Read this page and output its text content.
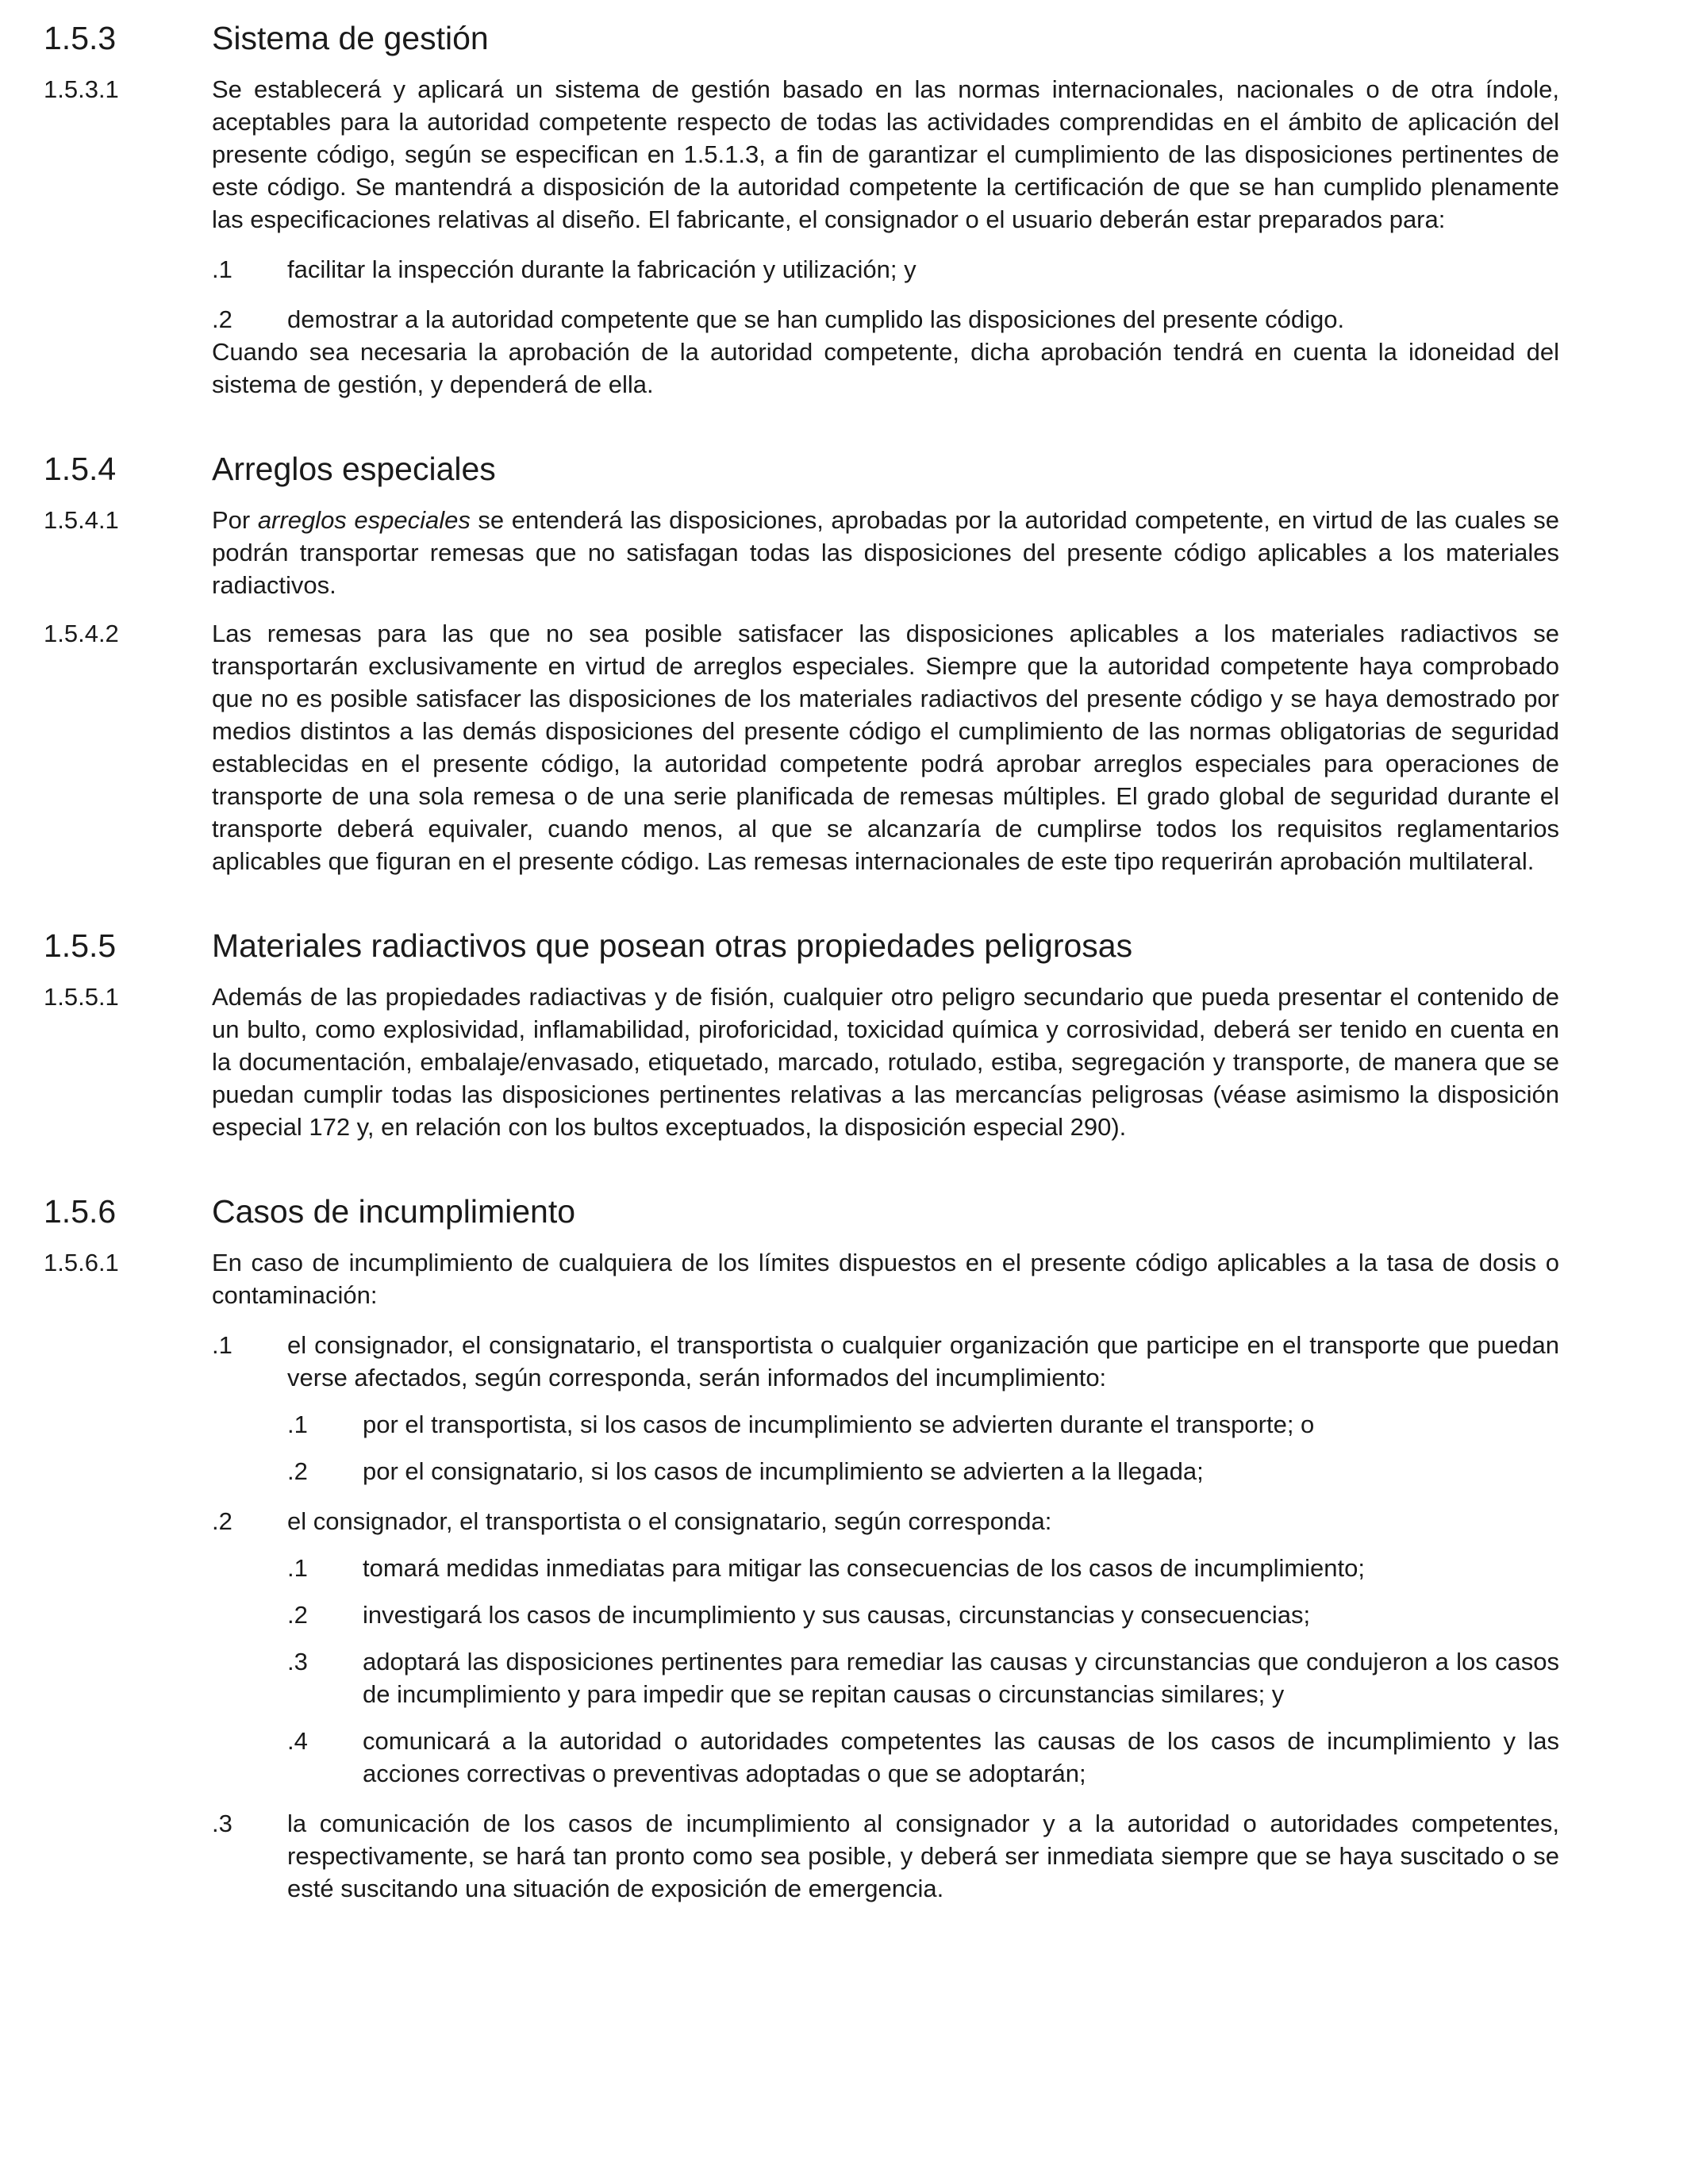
1.5.3	Sistema de gestión
1.5.3.1	Se establecerá y aplicará un sistema de gestión basado en las normas internacionales, nacionales o de otra índole, aceptables para la autoridad competente respecto de todas las actividades comprendidas en el ámbito de aplicación del presente código, según se especifican en 1.5.1.3, a fin de garantizar el cumplimiento de las disposiciones pertinentes de este código. Se mantendrá a disposición de la autoridad competente la certificación de que se han cumplido plenamente las especificaciones relativas al diseño. El fabricante, el consignador o el usuario deberán estar preparados para:

.1	facilitar la inspección durante la fabricación y utilización; y
.2	demostrar a la autoridad competente que se han cumplido las disposiciones del presente código.

Cuando sea necesaria la aprobación de la autoridad competente, dicha aprobación tendrá en cuenta la idoneidad del sistema de gestión, y dependerá de ella.

1.5.4	Arreglos especiales
1.5.4.1	Por arreglos especiales se entenderá las disposiciones, aprobadas por la autoridad competente, en virtud de las cuales se podrán transportar remesas que no satisfagan todas las disposiciones del presente código aplicables a los materiales radiactivos.

1.5.4.2	Las remesas para las que no sea posible satisfacer las disposiciones aplicables a los materiales radiactivos se transportarán exclusivamente en virtud de arreglos especiales. Siempre que la autoridad competente haya comprobado que no es posible satisfacer las disposiciones de los materiales radiactivos del presente código y se haya demostrado por medios distintos a las demás disposiciones del presente código el cumplimiento de las normas obligatorias de seguridad establecidas en el presente código, la autoridad competente podrá aprobar arreglos especiales para operaciones de transporte de una sola remesa o de una serie planificada de remesas múltiples. El grado global de seguridad durante el transporte deberá equivaler, cuando menos, al que se alcanzaría de cumplirse todos los requisitos reglamentarios aplicables que figuran en el presente código. Las remesas internacionales de este tipo requerirán aprobación multilateral.

1.5.5	Materiales radiactivos que posean otras propiedades peligrosas
1.5.5.1	Además de las propiedades radiactivas y de fisión, cualquier otro peligro secundario que pueda presentar el contenido de un bulto, como explosividad, inflamabilidad, piroforicidad, toxicidad química y corrosividad, deberá ser tenido en cuenta en la documentación, embalaje/envasado, etiquetado, marcado, rotulado, estiba, segregación y transporte, de manera que se puedan cumplir todas las disposiciones pertinentes relativas a las mercancías peligrosas (véase asimismo la disposición especial 172 y, en relación con los bultos exceptuados, la disposición especial 290).

1.5.6	Casos de incumplimiento
1.5.6.1	En caso de incumplimiento de cualquiera de los límites dispuestos en el presente código aplicables a la tasa de dosis o contaminación:

.1	el consignador, el consignatario, el transportista o cualquier organización que participe en el transporte que puedan verse afectados, según corresponda, serán informados del incumplimiento:
.1	por el transportista, si los casos de incumplimiento se advierten durante el transporte; o
.2	por el consignatario, si los casos de incumplimiento se advierten a la llegada;
.2	el consignador, el transportista o el consignatario, según corresponda:
.1	tomará medidas inmediatas para mitigar las consecuencias de los casos de incumplimiento;
.2	investigará los casos de incumplimiento y sus causas, circunstancias y consecuencias;
.3	adoptará las disposiciones pertinentes para remediar las causas y circunstancias que condujeron a los casos de incumplimiento y para impedir que se repitan causas o circunstancias similares; y
.4	comunicará a la autoridad o autoridades competentes las causas de los casos de incumplimiento y las acciones correctivas o preventivas adoptadas o que se adoptarán;
.3	la comunicación de los casos de incumplimiento al consignador y a la autoridad o autoridades competentes, respectivamente, se hará tan pronto como sea posible, y deberá ser inmediata siempre que se haya suscitado o se esté suscitando una situación de exposición de emergencia.
